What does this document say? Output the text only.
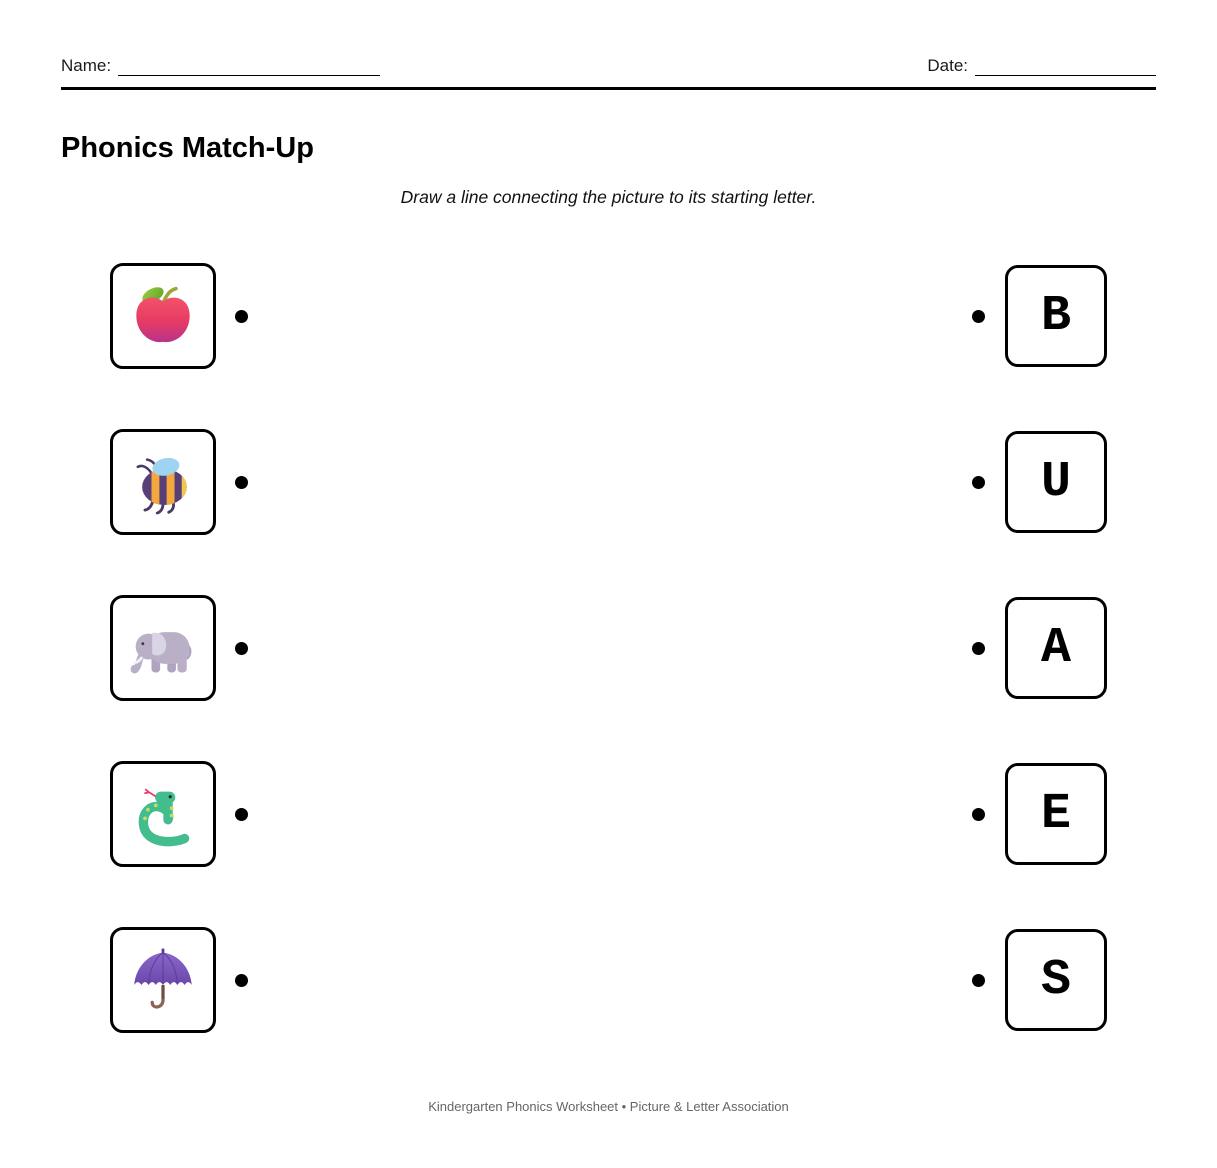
Name:	Date:
Phonics Match-Up
Draw a line connecting the picture to its starting letter.
B
U
A
E
S
Kindergarten Phonics Worksheet • Picture & Letter Association
